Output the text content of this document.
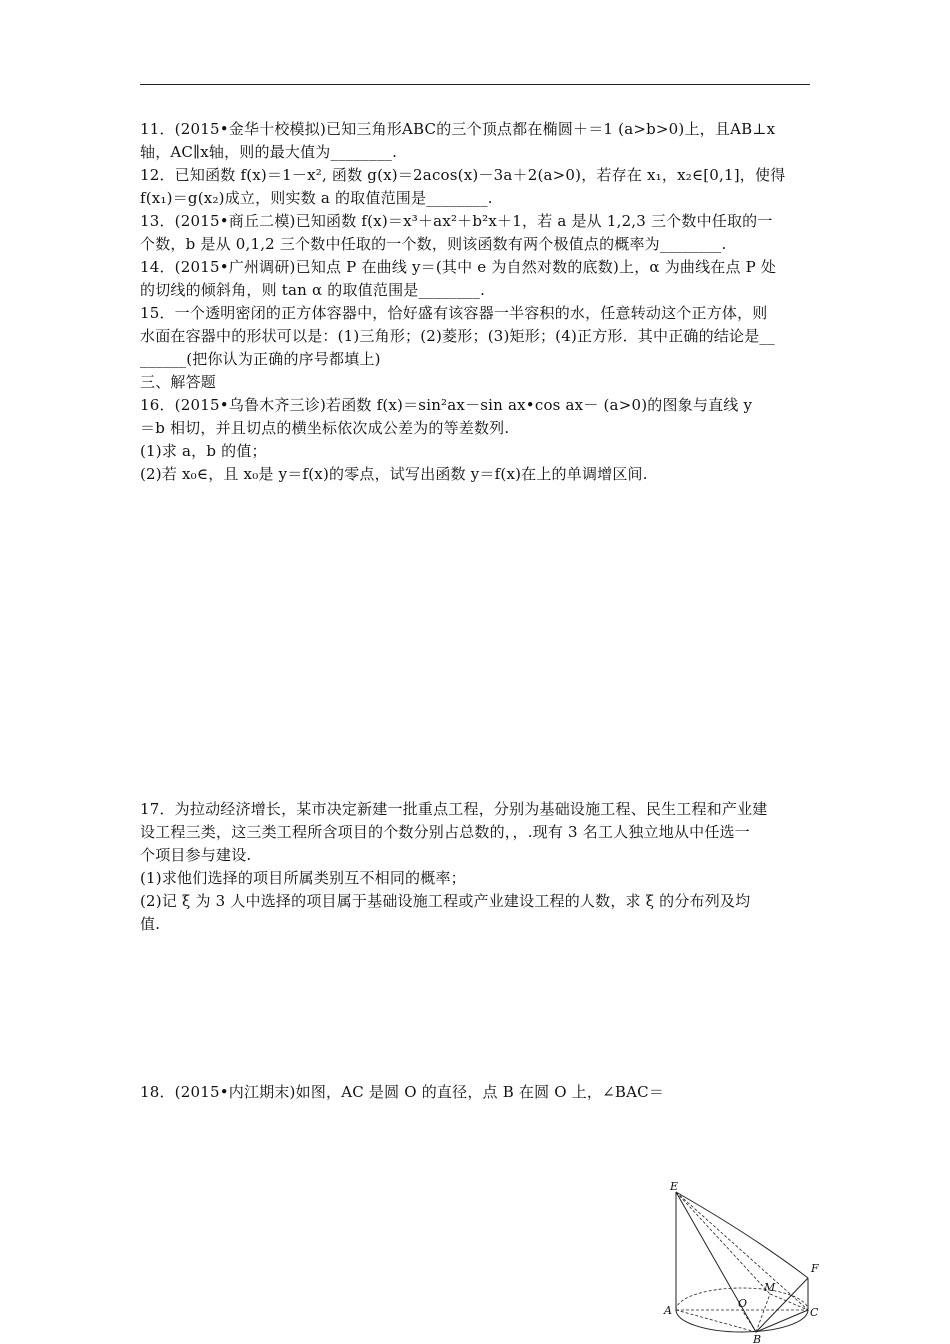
11．(2015•金华十校模拟)已知三角形ABC的三个顶点都在椭圆＋＝1 (a>b>0)上，且AB⊥x
轴，AC∥x轴，则的最大值为________.
12．已知函数 f(x)＝1－x², 函数 g(x)＝2acos(x)－3a＋2(a>0)，若存在 x₁，x₂∈[0,1]，使得
f(x₁)＝g(x₂)成立，则实数 a 的取值范围是________.
13．(2015•商丘二模)已知函数 f(x)＝x³＋ax²＋b²x＋1，若 a 是从 1,2,3 三个数中任取的一
个数，b 是从 0,1,2 三个数中任取的一个数，则该函数有两个极值点的概率为________.
14．(2015•广州调研)已知点 P 在曲线 y＝(其中 e 为自然对数的底数)上，α 为曲线在点 P 处
的切线的倾斜角，则 tan α 的取值范围是________.
15．一个透明密闭的正方体容器中，恰好盛有该容器一半容积的水，任意转动这个正方体，则
水面在容器中的形状可以是：(1)三角形；(2)菱形；(3)矩形；(4)正方形．其中正确的结论是__
______(把你认为正确的序号都填上)
三、解答题
16．(2015•乌鲁木齐三诊)若函数 f(x)＝sin²ax－sin ax•cos ax－ (a>0)的图象与直线 y
＝b 相切，并且切点的横坐标依次成公差为的等差数列.
(1)求 a，b 的值；
(2)若 x₀∈，且 x₀是 y＝f(x)的零点，试写出函数 y＝f(x)在上的单调增区间.
17．为拉动经济增长，某市决定新建一批重点工程，分别为基础设施工程、民生工程和产业建
设工程三类，这三类工程所含项目的个数分别占总数的，，.现有 3 名工人独立地从中任选一
个项目参与建设.
(1)求他们选择的项目所属类别互不相同的概率；
(2)记 ξ 为 3 人中选择的项目属于基础设施工程或产业建设工程的人数，求 ξ 的分布列及均
值.
18．(2015•内江期末)如图，AC 是圆 O 的直径，点 B 在圆 O 上，∠BAC＝
E
F
O
M
A	C
B
